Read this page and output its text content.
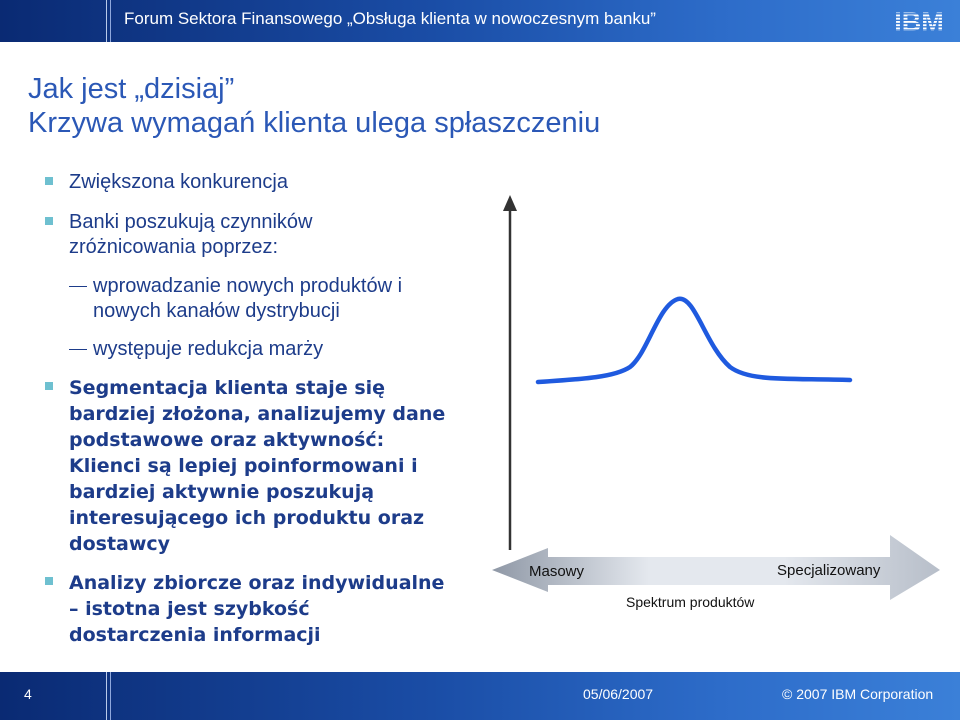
Forum Sektora Finansowego „Obsługa klienta w nowoczesnym banku”	IBM
Jak jest „dzisiaj”
Krzywa wymagań klienta ulega spłaszczeniu
Zwiększona konkurencja
Banki poszukują czynników
zróżnicowania poprzez:
wprowadzanie nowych produktów i
nowych kanałów dystrybucji
występuje redukcja marży
Segmentacja klienta staje się
bardziej złożona, analizujemy dane
podstawowe oraz aktywność:
Klienci są lepiej poinformowani i
bardziej aktywnie poszukują
interesującego ich produktu oraz
dostawcy
Analizy zbiorcze oraz indywidualne
– istotna jest szybkość
dostarczenia informacji
Masowy	Specjalizowany
Spektrum produktów
4	05/06/2007	© 2007 IBM Corporation
